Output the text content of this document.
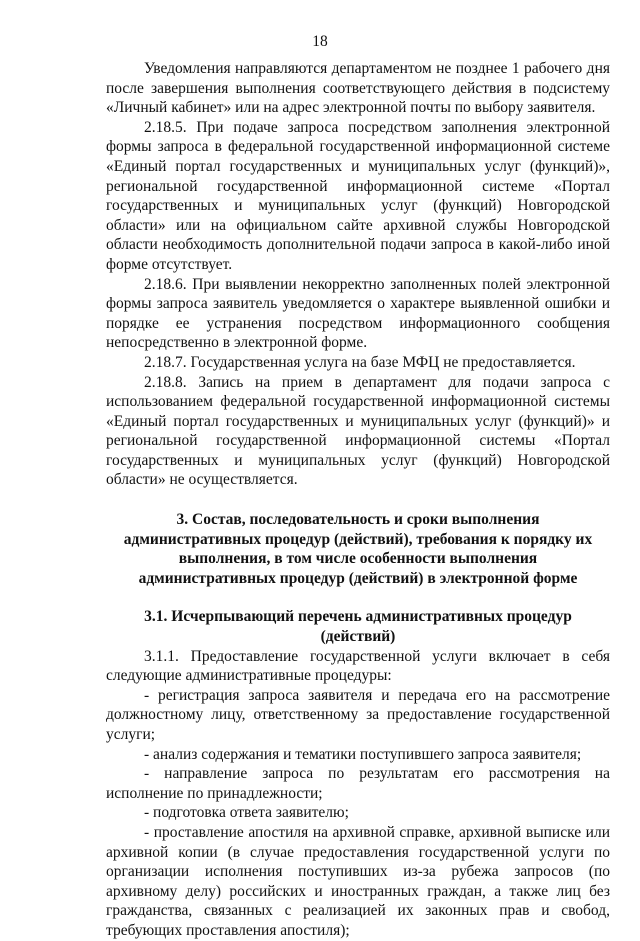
18

Уведомления направляются департаментом не позднее 1 рабочего дня после завершения выполнения соответствующего действия в подсистему «Личный кабинет» или на адрес электронной почты по выбору заявителя.

2.18.5. При подаче запроса посредством заполнения электронной формы запроса в федеральной государственной информационной системе «Единый портал государственных и муниципальных услуг (функций)», региональной государственной информационной системе «Портал государственных и муниципальных услуг (функций) Новгородской области» или на официальном сайте архивной службы Новгородской области необходимость дополнительной подачи запроса в какой-либо иной форме отсутствует.

2.18.6. При выявлении некорректно заполненных полей электронной формы запроса заявитель уведомляется о характере выявленной ошибки и порядке ее устранения посредством информационного сообщения непосредственно в электронной форме.

2.18.7. Государственная услуга на базе МФЦ не предоставляется.

2.18.8. Запись на прием в департамент для подачи запроса с использованием федеральной государственной информационной системы «Единый портал государственных и муниципальных услуг (функций)» и региональной государственной информационной системы «Портал государственных и муниципальных услуг (функций) Новгородской области» не осуществляется.

3. Состав, последовательность и сроки выполнения административных процедур (действий), требования к порядку их выполнения, в том числе особенности выполнения административных процедур (действий) в электронной форме

3.1. Исчерпывающий перечень административных процедур (действий)

3.1.1. Предоставление государственной услуги включает в себя следующие административные процедуры:

- регистрация запроса заявителя и передача его на рассмотрение должностному лицу, ответственному за предоставление государственной услуги;

- анализ содержания и тематики поступившего запроса заявителя;

- направление запроса по результатам его рассмотрения на исполнение по принадлежности;

- подготовка ответа заявителю;

- проставление апостиля на архивной справке, архивной выписке или архивной копии (в случае предоставления государственной услуги по организации исполнения поступивших из-за рубежа запросов (по архивному делу) российских и иностранных граждан, а также лиц без гражданства, связанных с реализацией их законных прав и свобод, требующих проставления апостиля);
